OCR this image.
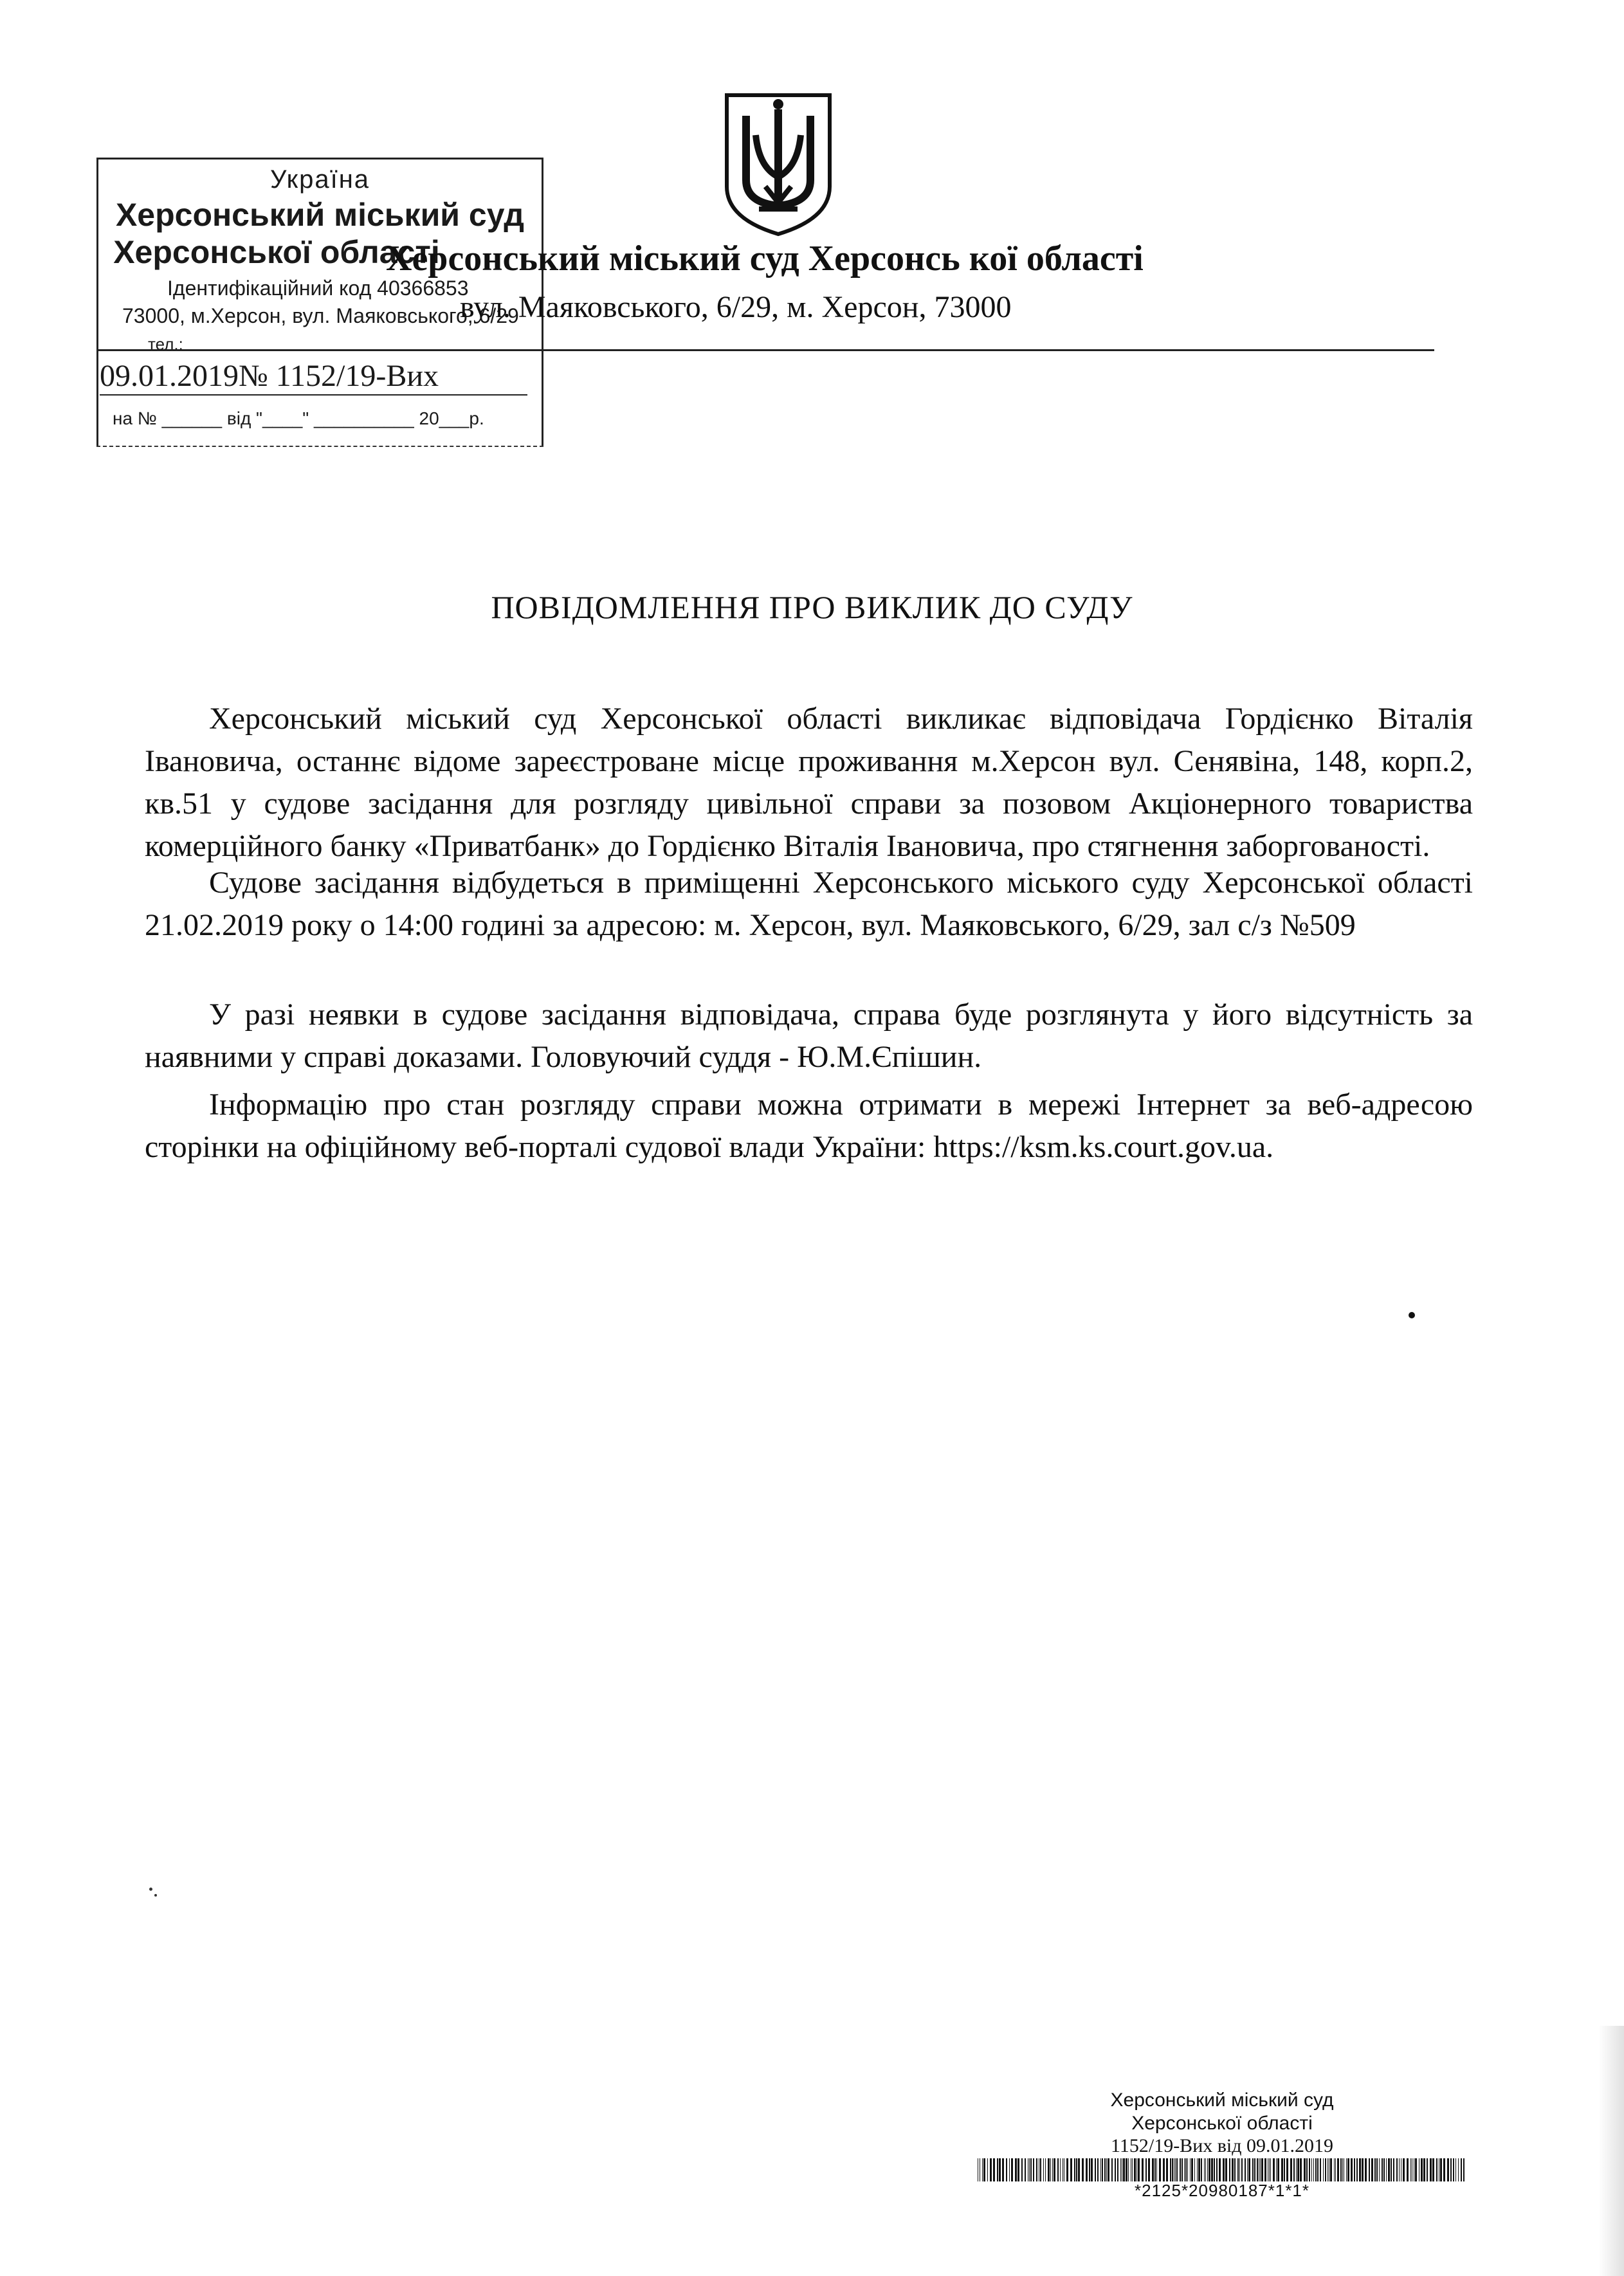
Україна
Херсонський міський суд
Херсонської області
Ідентифікаційний код 40366853
73000, м.Херсон, вул. Маяковського, 6/29
тел.:
09.01.2019№ 1152/19-Вих
на № ______ від "____" __________ 20___р.
Херсонський міський суд Херсонсь кої області
вул. Маяковського, 6/29, м. Херсон, 73000
ПОВІДОМЛЕННЯ ПРО ВИКЛИК ДО СУДУ
Херсонський міський суд Херсонської області викликає відповідача Гордієнко Віталія Івановича, останнє відоме зареєстроване місце проживання м.Херсон вул. Сенявіна, 148, корп.2, кв.51 у судове засідання для розгляду цивільної справи за позовом Акціонерного товариства комерційного банку «Приватбанк» до Гордієнко Віталія Івановича, про стягнення заборгованості.
Судове засідання відбудеться в приміщенні Херсонського міського суду Херсонської області 21.02.2019 року о 14:00 годині за адресою: м. Херсон, вул. Маяковського, 6/29, зал с/з №509
У разі неявки в судове засідання відповідача, справа буде розглянута у його відсутність за наявними у справі доказами. Головуючий суддя - Ю.М.Єпішин.
Інформацію про стан розгляду справи можна отримати в мережі Інтернет за веб-адресою сторінки на офіційному веб-порталі судової влади України: https://ksm.ks.court.gov.ua.
Херсонський міський суд
Херсонської області
1152/19-Вих від 09.01.2019
*2125*20980187*1*1*
